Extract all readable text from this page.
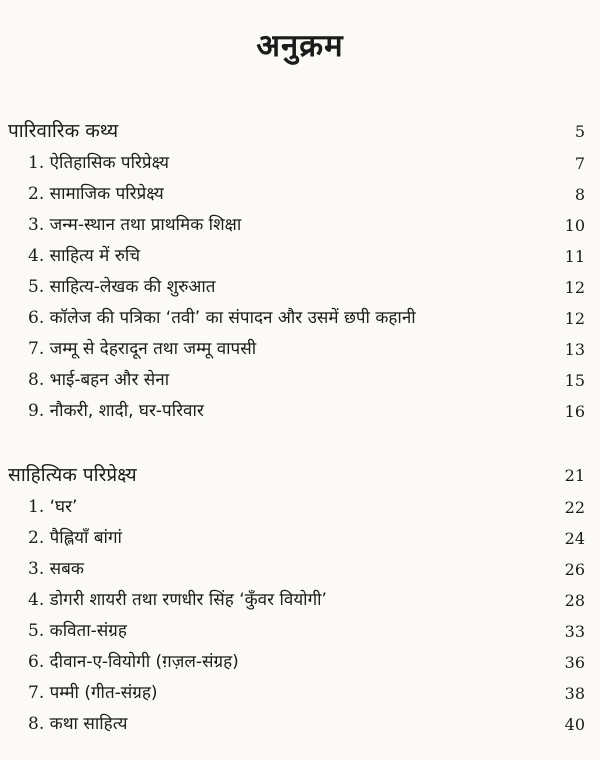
अनुक्रम
पारिवारिक कथ्य	5
1. ऐतिहासिक परिप्रेक्ष्य	7
2. सामाजिक परिप्रेक्ष्य	8
3. जन्म-स्थान तथा प्राथमिक शिक्षा	10
4. साहित्य में रुचि	11
5. साहित्य-लेखक की शुरुआत	12
6. कॉलेज की पत्रिका ‘तवी’ का संपादन और उसमें छपी कहानी	12
7. जम्मू से देहरादून तथा जम्मू वापसी	13
8. भाई-बहन और सेना	15
9. नौकरी, शादी, घर-परिवार	16
साहित्यिक परिप्रेक्ष्य	21
1. ‘घर’	22
2. पैह्लियाँ बांगां	24
3. सबक	26
4. डोगरी शायरी तथा रणधीर सिंह ‘कुँवर वियोगी’	28
5. कविता-संग्रह	33
6. दीवान-ए-वियोगी (ग़ज़ल-संग्रह)	36
7. पम्मी (गीत-संग्रह)	38
8. कथा साहित्य	40
